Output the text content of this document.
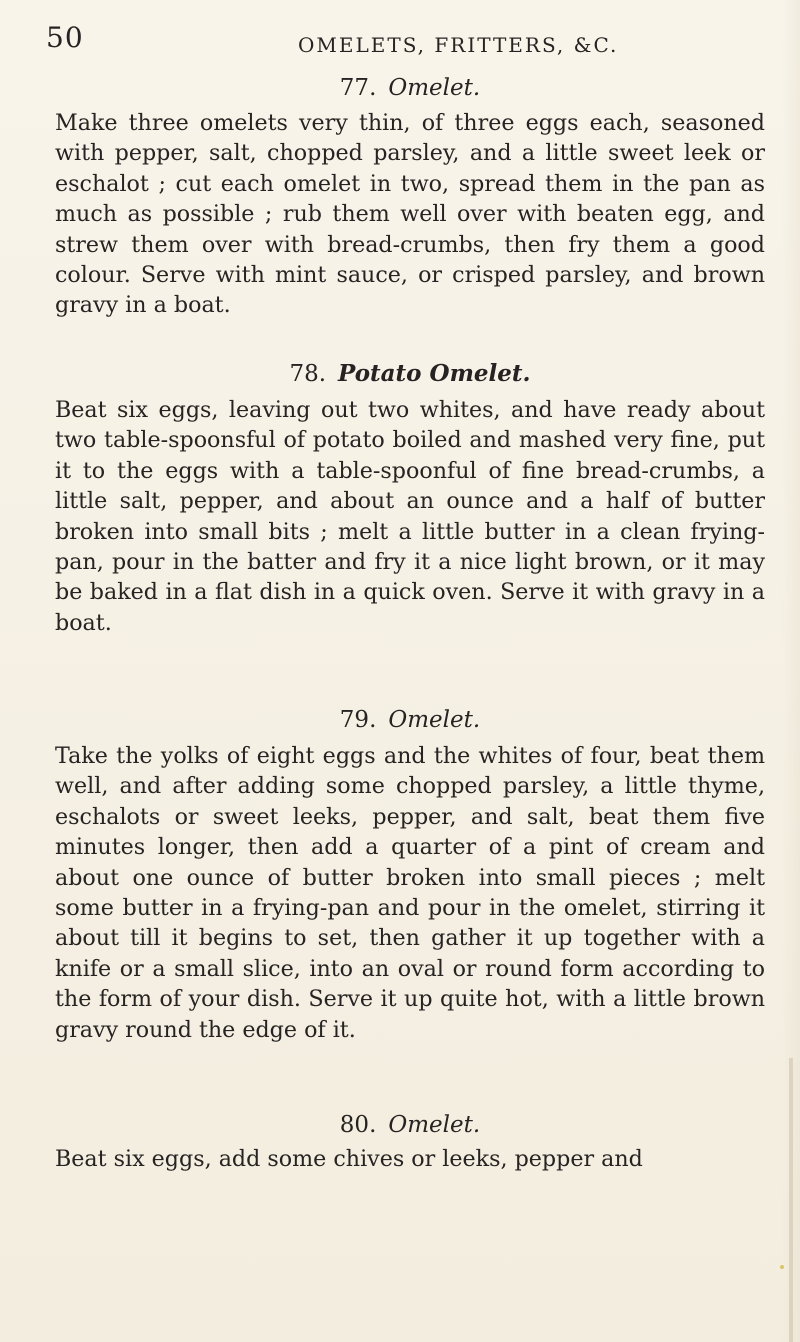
50	OMELETS, FRITTERS, &C.
77. Omelet.
Make three omelets very thin, of three eggs each, seasoned with pepper, salt, chopped parsley, and a little sweet leek or eschalot ; cut each omelet in two, spread them in the pan as much as possible ; rub them well over with beaten egg, and strew them over with bread-crumbs, then fry them a good colour. Serve with mint sauce, or crisped parsley, and brown gravy in a boat.
78. Potato Omelet.
Beat six eggs, leaving out two whites, and have ready about two table-spoonsful of potato boiled and mashed very fine, put it to the eggs with a table-spoonful of fine bread-crumbs, a little salt, pepper, and about an ounce and a half of butter broken into small bits ; melt a little butter in a clean frying-pan, pour in the batter and fry it a nice light brown, or it may be baked in a flat dish in a quick oven. Serve it with gravy in a boat.
79. Omelet.
Take the yolks of eight eggs and the whites of four, beat them well, and after adding some chopped parsley, a little thyme, eschalots or sweet leeks, pepper, and salt, beat them five minutes longer, then add a quarter of a pint of cream and about one ounce of butter broken into small pieces ; melt some butter in a frying-pan and pour in the omelet, stirring it about till it begins to set, then gather it up together with a knife or a small slice, into an oval or round form according to the form of your dish. Serve it up quite hot, with a little brown gravy round the edge of it.
80. Omelet.
Beat six eggs, add some chives or leeks, pepper and
